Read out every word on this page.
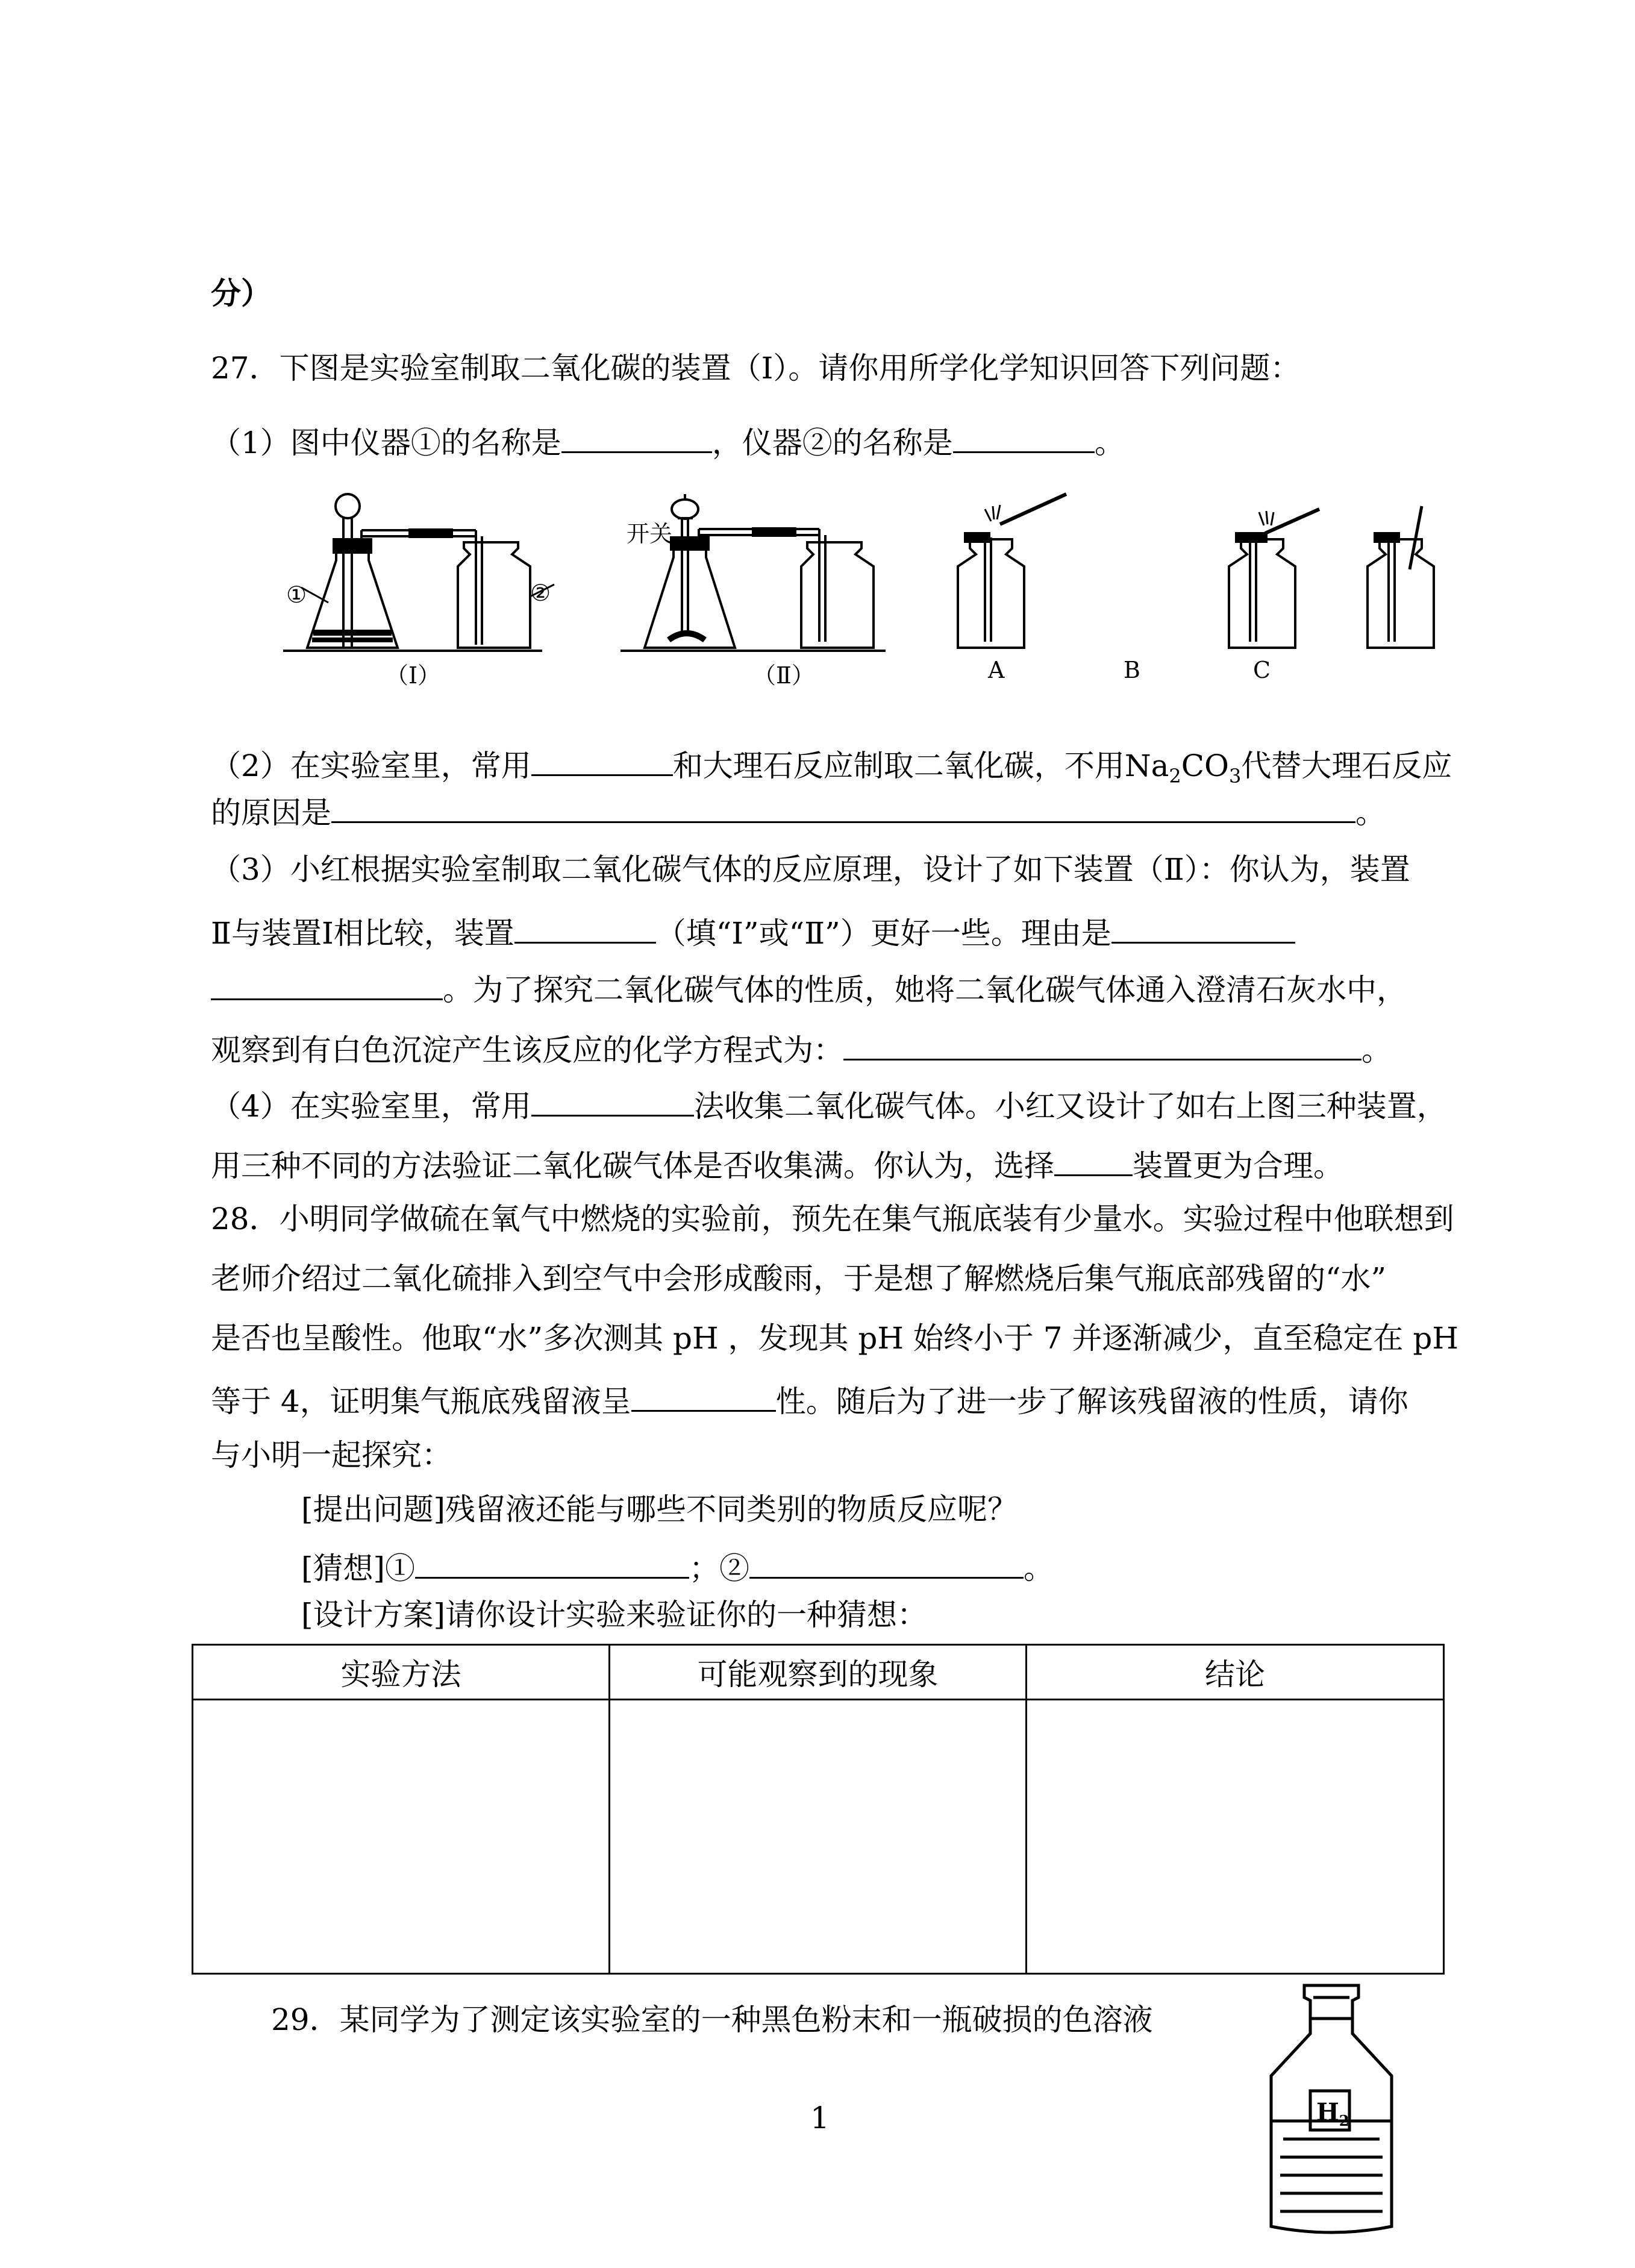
分）
27．下图是实验室制取二氧化碳的装置（Ⅰ）。请你用所学化学知识回答下列问题：
（1）图中仪器①的名称是	，仪器②的名称是	。
①	②
（Ⅰ）
开关
（Ⅱ）	A	B	C
（2）在实验室里，常用	和大理石反应制取二氧化碳，不用$Na_2CO_3$代替大理石反应
的原因是	。
（3）小红根据实验室制取二氧化碳气体的反应原理，设计了如下装置（Ⅱ）：你认为，装置
Ⅱ与装置Ⅰ相比较，装置	（填“Ⅰ”或“Ⅱ”）更好一些。理由是
。为了探究二氧化碳气体的性质，她将二氧化碳气体通入澄清石灰水中，
观察到有白色沉淀产生该反应的化学方程式为：	。
（4）在实验室里，常用	法收集二氧化碳气体。小红又设计了如右上图三种装置，
用三种不同的方法验证二氧化碳气体是否收集满。你认为，选择	装置更为合理。
28．小明同学做硫在氧气中燃烧的实验前，预先在集气瓶底装有少量水。实验过程中他联想到
老师介绍过二氧化硫排入到空气中会形成酸雨，于是想了解燃烧后集气瓶底部残留的“水”
是否也呈酸性。他取“水”多次测其 pH ，发现其 pH 始终小于 7 并逐渐减少，直至稳定在 pH
等于 4，证明集气瓶底残留液呈	性。随后为了进一步了解该残留液的性质，请你
与小明一起探究：
[提出问题]残留液还能与哪些不同类别的物质反应呢？
[猜想]①	；②	。
[设计方案]请你设计实验来验证你的一种猜想：
实验方法	可能观察到的现象	结论

29．某同学为了测定该实验室的一种黑色粉末和一瓶破损的色溶液
$H_2$
1
